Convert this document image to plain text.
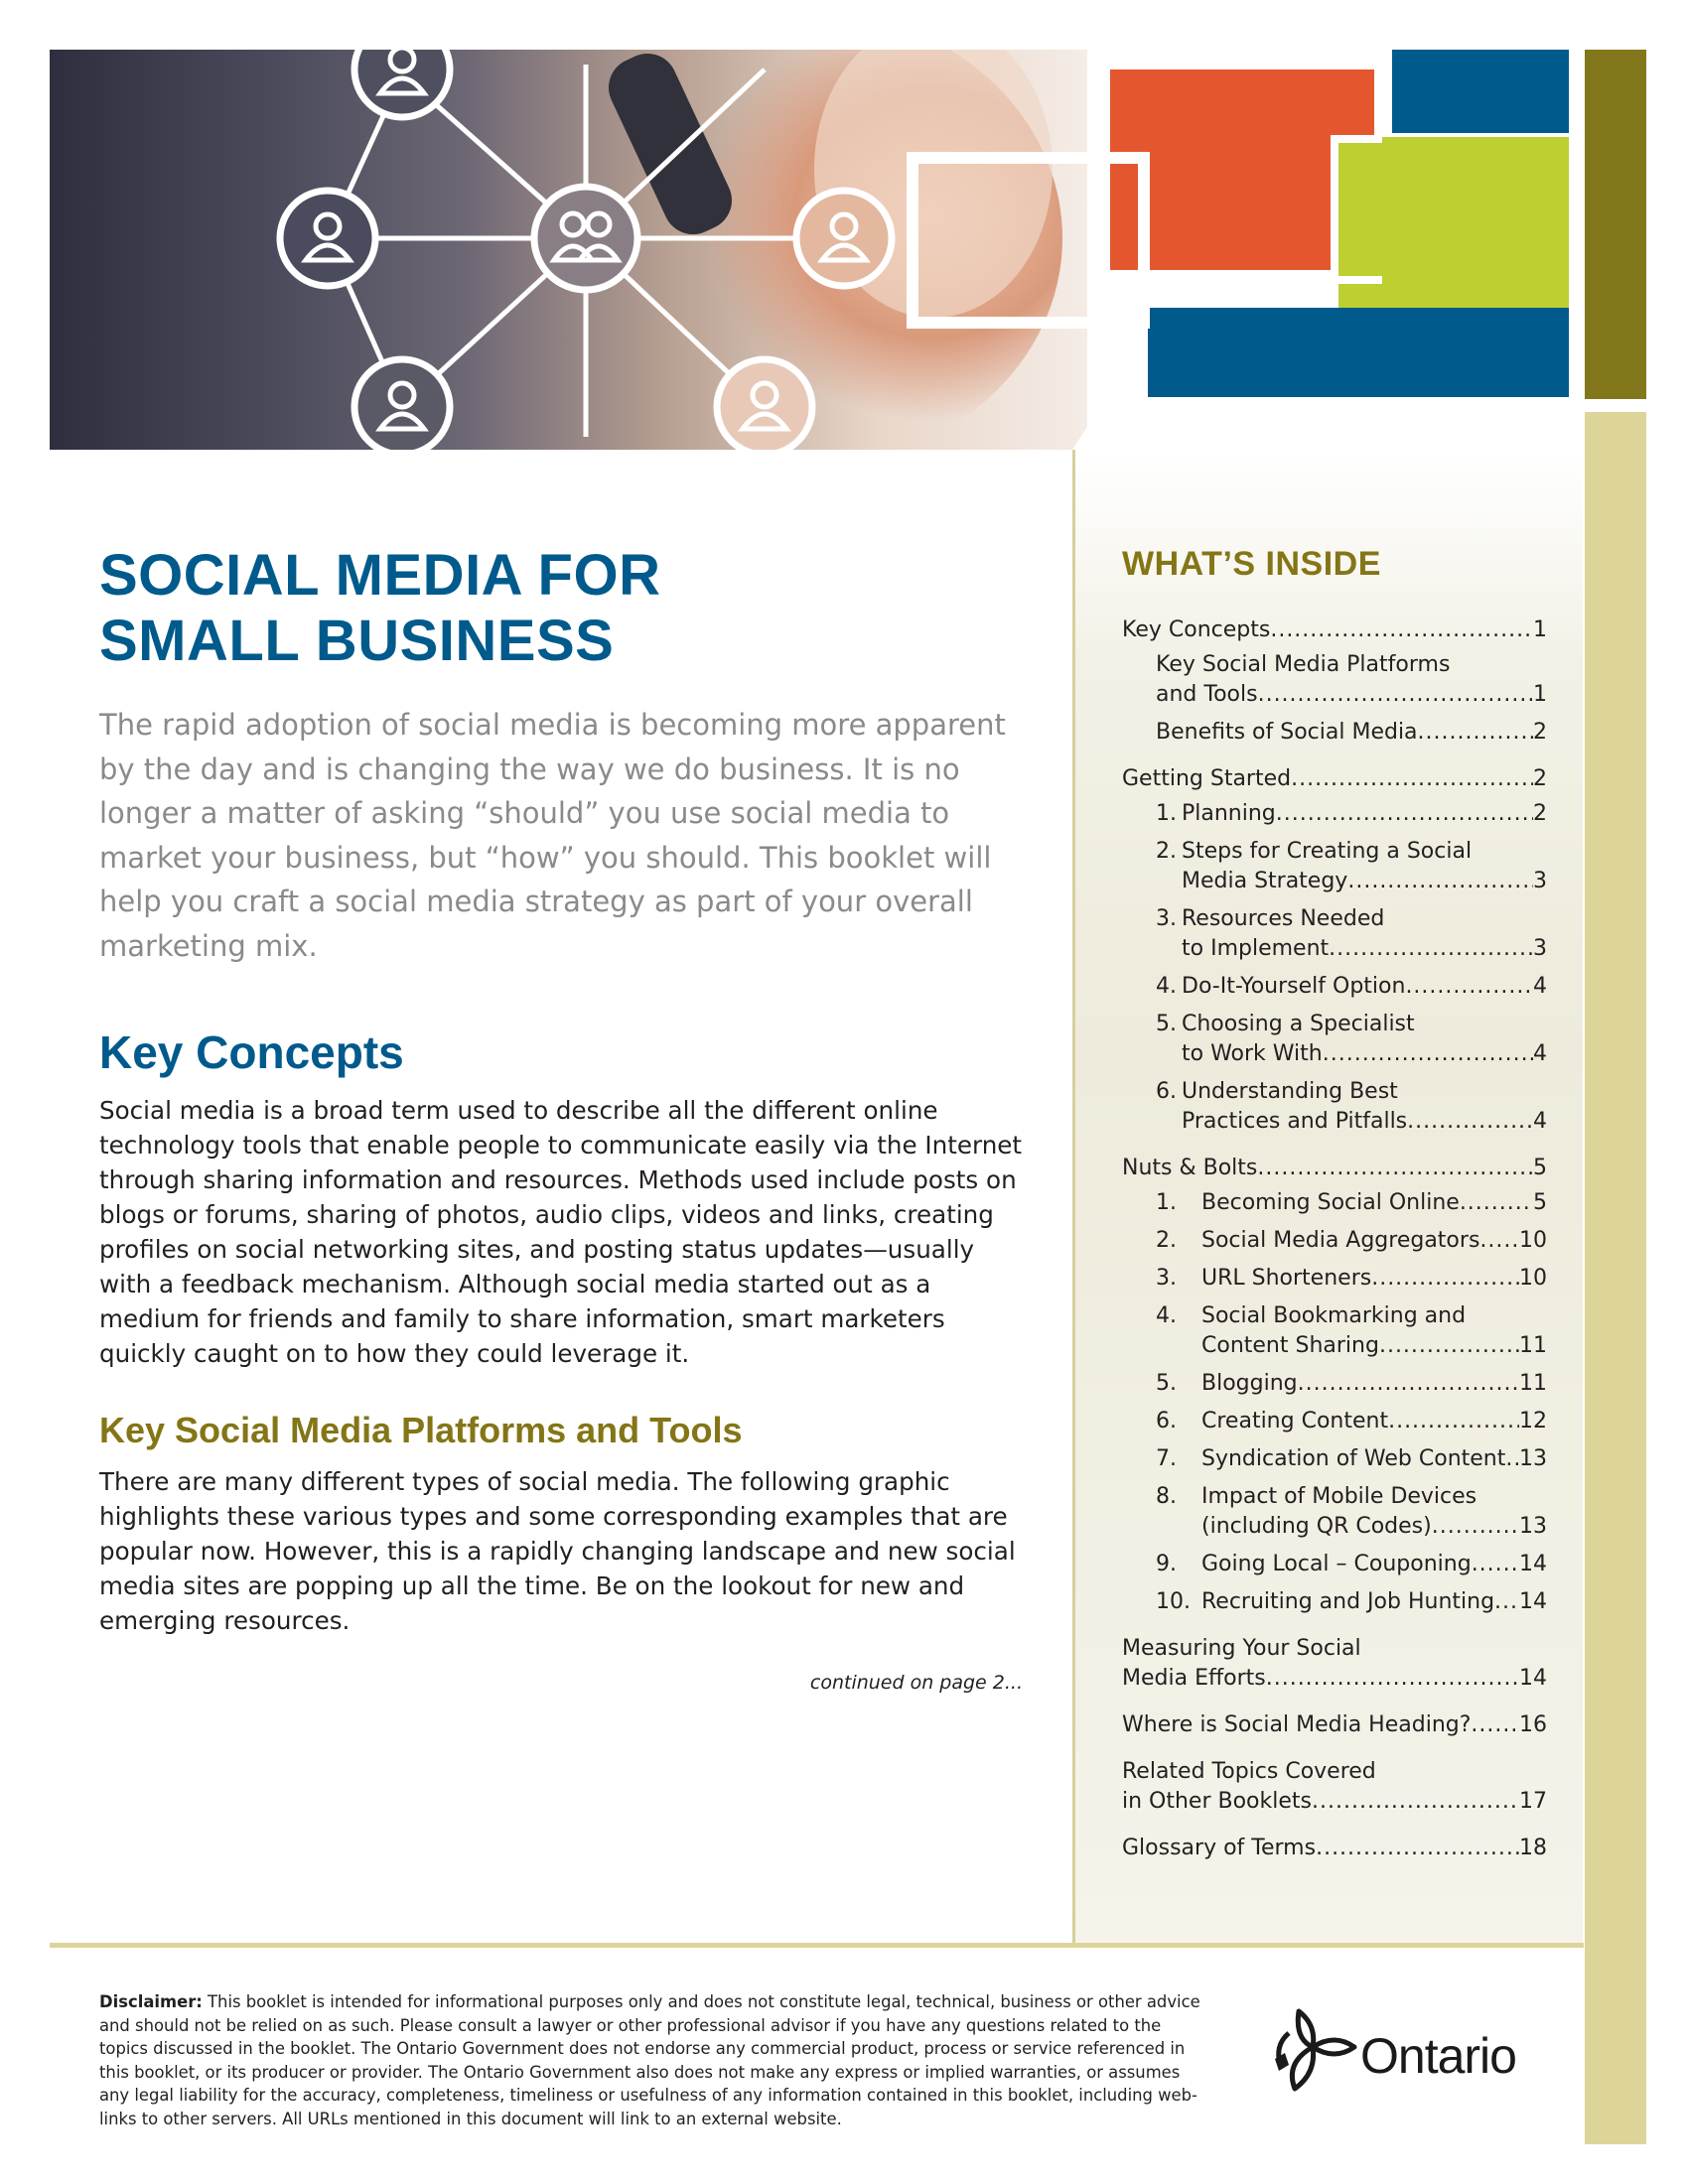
WHAT’S INSIDE
Key Concepts .....	1
Key Social Media Platforms
and Tools .....	1
Benefits of Social Media .....	2
Getting Started .....	2
1. Planning .....	2
2. Steps for Creating a Social
Media Strategy .....	3
3. Resources Needed
to Implement .....	3
4. Do-It-Yourself Option .....	4
5. Choosing a Specialist
to Work With .....	4
6. Understanding Best
Practices and Pitfalls .....	4
Nuts & Bolts .....	5
1.	Becoming Social Online .....	5
2.	Social Media Aggregators ..... 10
3.	URL Shorteners .....	10
4.	Social Bookmarking and
Content Sharing .....	11
5.	Blogging .....	11
6.	Creating Content .....	12
7.	Syndication of Web Content ..... 13
8.	Impact of Mobile Devices
(including QR Codes) .....	13
9.	Going Local – Couponing ..... 14
10. Recruiting and Job Hunting ..... 14
Measuring Your Social
Media Efforts .....	14
Where is Social Media Heading? ..... 16
Related Topics Covered
in Other Booklets .....	17
Glossary of Terms .....	18
SOCIAL MEDIA FOR
SMALL BUSINESS

The rapid adoption of social media is becoming more apparent by the day and is changing the way we do business. It is no longer a matter of asking “should” you use social media to market your business, but “how” you should. This booklet will help you craft a social media strategy as part of your overall marketing mix.

Key Concepts

Social media is a broad term used to describe all the different online technology tools that enable people to communicate easily via the Internet through sharing information and resources. Methods used include posts on blogs or forums, sharing of photos, audio clips, videos and links, creating profiles on social networking sites, and posting status updates—usually with a feedback mechanism. Although social media started out as a medium for friends and family to share information, smart marketers quickly caught on to how they could leverage it.

Key Social Media Platforms and Tools

There are many different types of social media. The following graphic highlights these various types and some corresponding examples that are popular now. However, this is a rapidly changing landscape and new social media sites are popping up all the time. Be on the lookout for new and emerging resources.

continued on page 2...

Disclaimer: This booklet is intended for informational purposes only and does not constitute legal, technical, business or other advice and should not be relied on as such. Please consult a lawyer or other professional advisor if you have any questions related to the topics discussed in the booklet. The Ontario Government does not endorse any commercial product, process or service referenced in this booklet, or its producer or provider. The Ontario Government also does not make any express or implied warranties, or assumes any legal liability for the accuracy, completeness, timeliness or usefulness of any information contained in this booklet, including web-links to other servers. All URLs mentioned in this document will link to an external website.

Ontario
